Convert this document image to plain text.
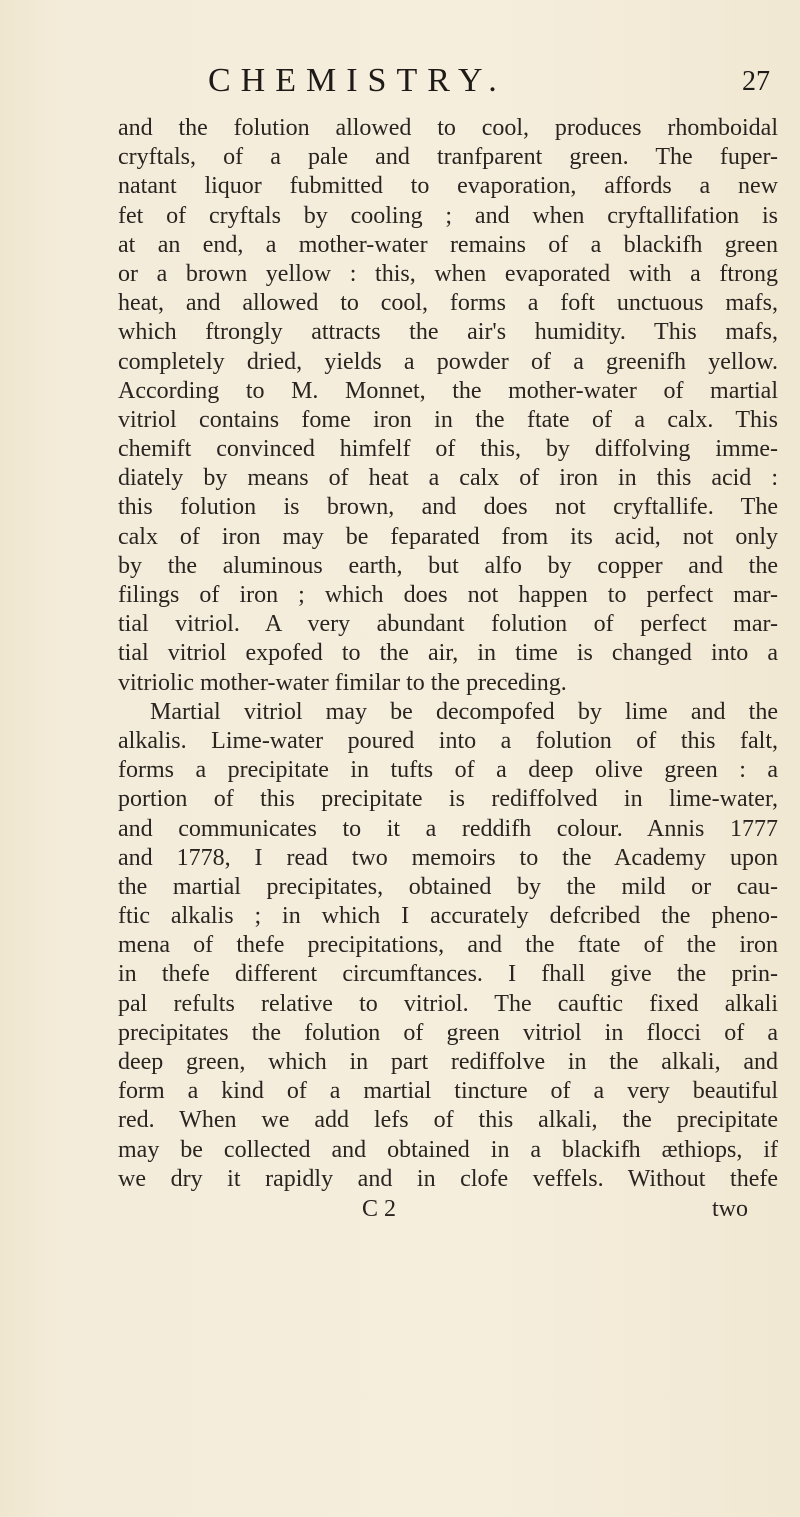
CHEMISTRY.	27
and the folution allowed to cool, produces rhomboidal
cryftals, of a pale and tranfparent green. The fuper-
natant liquor fubmitted to evaporation, affords a new
fet of cryftals by cooling ; and when cryftallifation is
at an end, a mother-water remains of a blackifh green
or a brown yellow : this, when evaporated with a ftrong
heat, and allowed to cool, forms a foft unctuous mafs,
which ftrongly attracts the air's humidity. This mafs,
completely dried, yields a powder of a greenifh yellow.
According to M. Monnet, the mother-water of martial
vitriol contains fome iron in the ftate of a calx. This
chemift convinced himfelf of this, by diffolving imme-
diately by means of heat a calx of iron in this acid :
this folution is brown, and does not cryftallife. The
calx of iron may be feparated from its acid, not only
by the aluminous earth, but alfo by copper and the
filings of iron ; which does not happen to perfect mar-
tial vitriol. A very abundant folution of perfect mar-
tial vitriol expofed to the air, in time is changed into a
vitriolic mother-water fimilar to the preceding.
Martial vitriol may be decompofed by lime and the
alkalis. Lime-water poured into a folution of this falt,
forms a precipitate in tufts of a deep olive green : a
portion of this precipitate is rediffolved in lime-water,
and communicates to it a reddifh colour. Annis 1777
and 1778, I read two memoirs to the Academy upon
the martial precipitates, obtained by the mild or cau-
ftic alkalis ; in which I accurately defcribed the pheno-
mena of thefe precipitations, and the ftate of the iron
in thefe different circumftances. I fhall give the prin-
pal refults relative to vitriol. The cauftic fixed alkali
precipitates the folution of green vitriol in flocci of a
deep green, which in part rediffolve in the alkali, and
form a kind of a martial tincture of a very beautiful
red. When we add lefs of this alkali, the precipitate
may be collected and obtained in a blackifh æthiops, if
we dry it rapidly and in clofe veffels. Without thefe
C 2	two
